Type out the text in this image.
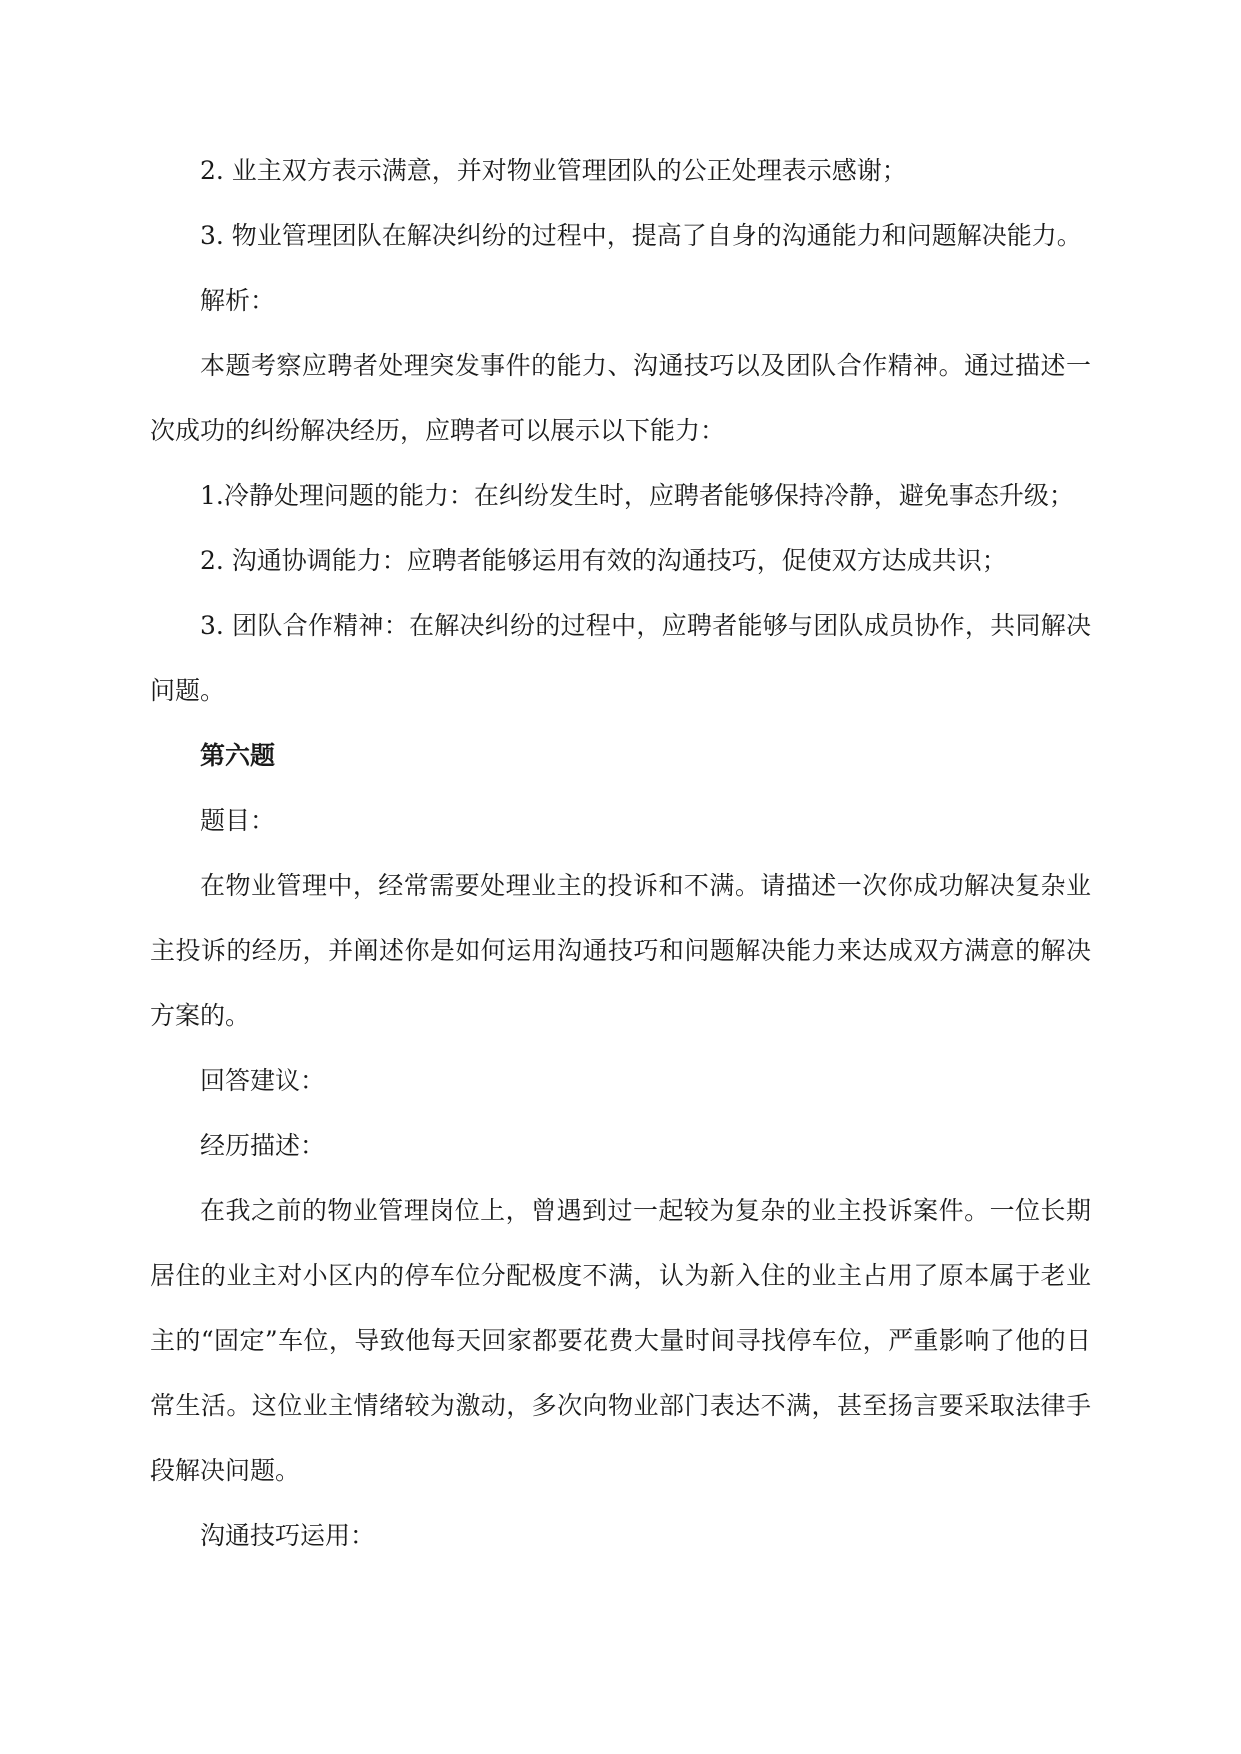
2. 业主双方表示满意，并对物业管理团队的公正处理表示感谢；

3. 物业管理团队在解决纠纷的过程中，提高了自身的沟通能力和问题解决能力。

解析：

本题考察应聘者处理突发事件的能力、沟通技巧以及团队合作精神。通过描述一次成功的纠纷解决经历，应聘者可以展示以下能力：

1.冷静处理问题的能力：在纠纷发生时，应聘者能够保持冷静，避免事态升级；

2. 沟通协调能力：应聘者能够运用有效的沟通技巧，促使双方达成共识；

3. 团队合作精神：在解决纠纷的过程中，应聘者能够与团队成员协作，共同解决问题。

第六题

题目：

在物业管理中，经常需要处理业主的投诉和不满。请描述一次你成功解决复杂业主投诉的经历，并阐述你是如何运用沟通技巧和问题解决能力来达成双方满意的解决方案的。

回答建议：

经历描述：

在我之前的物业管理岗位上，曾遇到过一起较为复杂的业主投诉案件。一位长期居住的业主对小区内的停车位分配极度不满，认为新入住的业主占用了原本属于老业主的“固定”车位，导致他每天回家都要花费大量时间寻找停车位，严重影响了他的日常生活。这位业主情绪较为激动，多次向物业部门表达不满，甚至扬言要采取法律手段解决问题。

沟通技巧运用：
